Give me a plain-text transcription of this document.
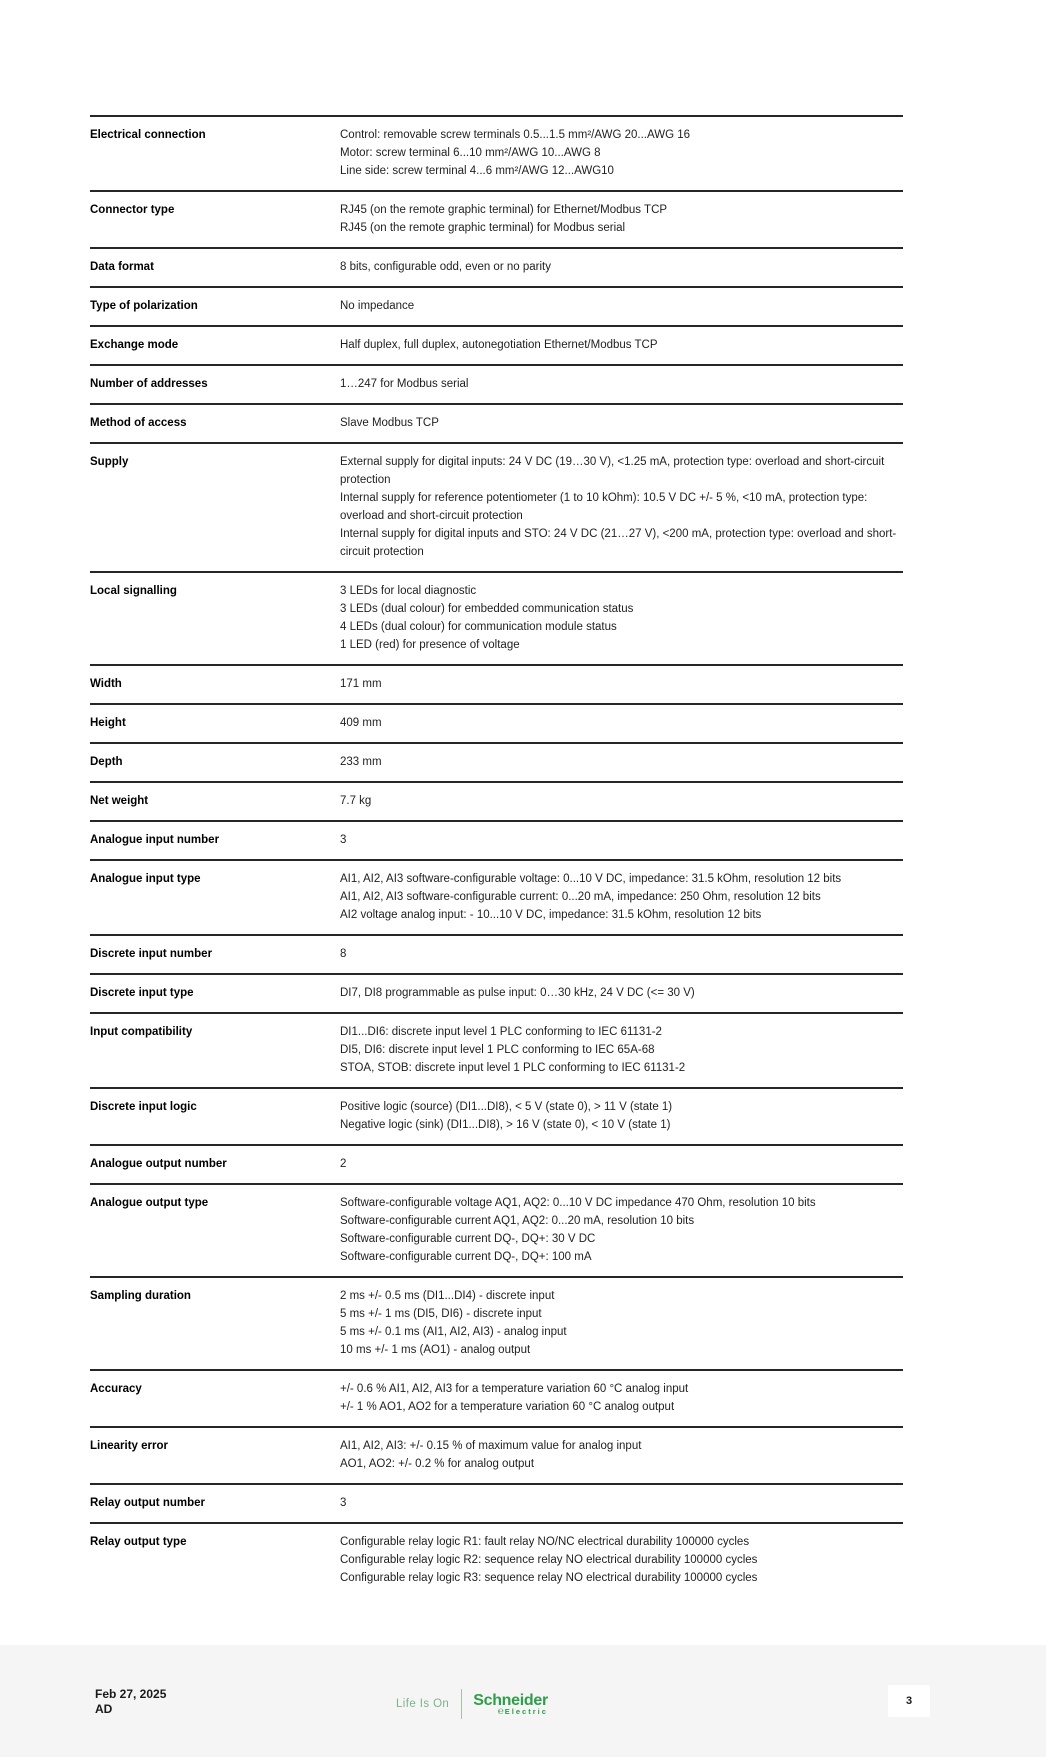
Electrical connection	Control: removable screw terminals 0.5...1.5 mm²/AWG 20...AWG 16
Motor: screw terminal 6...10 mm²/AWG 10...AWG 8
Line side: screw terminal 4...6 mm²/AWG 12...AWG10
Connector type	RJ45 (on the remote graphic terminal) for Ethernet/Modbus TCP
RJ45 (on the remote graphic terminal) for Modbus serial
Data format	8 bits, configurable odd, even or no parity
Type of polarization	No impedance
Exchange mode	Half duplex, full duplex, autonegotiation Ethernet/Modbus TCP
Number of addresses	1…247 for Modbus serial
Method of access	Slave Modbus TCP
Supply	External supply for digital inputs: 24 V DC (19…30 V), <1.25 mA, protection type: overload and short-circuit protection
Internal supply for reference potentiometer (1 to 10 kOhm): 10.5 V DC +/- 5 %, <10 mA, protection type: overload and short-circuit protection
Internal supply for digital inputs and STO: 24 V DC (21…27 V), <200 mA, protection type: overload and short-circuit protection
Local signalling	3 LEDs for local diagnostic
3 LEDs (dual colour) for embedded communication status
4 LEDs (dual colour) for communication module status
1 LED (red) for presence of voltage
Width	171 mm
Height	409 mm
Depth	233 mm
Net weight	7.7 kg
Analogue input number	3
Analogue input type	AI1, AI2, AI3 software-configurable voltage: 0...10 V DC, impedance: 31.5 kOhm, resolution 12 bits
AI1, AI2, AI3 software-configurable current: 0...20 mA, impedance: 250 Ohm, resolution 12 bits
AI2 voltage analog input: - 10...10 V DC, impedance: 31.5 kOhm, resolution 12 bits
Discrete input number	8
Discrete input type	DI7, DI8 programmable as pulse input: 0…30 kHz, 24 V DC (<= 30 V)
Input compatibility	DI1...DI6: discrete input level 1 PLC conforming to IEC 61131-2
DI5, DI6: discrete input level 1 PLC conforming to IEC 65A-68
STOA, STOB: discrete input level 1 PLC conforming to IEC 61131-2
Discrete input logic	Positive logic (source) (DI1...DI8), < 5 V (state 0), > 11 V (state 1)
Negative logic (sink) (DI1...DI8), > 16 V (state 0), < 10 V (state 1)
Analogue output number	2
Analogue output type	Software-configurable voltage AQ1, AQ2: 0...10 V DC impedance 470 Ohm, resolution 10 bits
Software-configurable current AQ1, AQ2: 0...20 mA, resolution 10 bits
Software-configurable current DQ-, DQ+: 30 V DC
Software-configurable current DQ-, DQ+: 100 mA
Sampling duration	2 ms +/- 0.5 ms (DI1...DI4) - discrete input
5 ms +/- 1 ms (DI5, DI6) - discrete input
5 ms +/- 0.1 ms (AI1, AI2, AI3) - analog input
10 ms +/- 1 ms (AO1) - analog output
Accuracy	+/- 0.6 % AI1, AI2, AI3 for a temperature variation 60 °C analog input
+/- 1 % AO1, AO2 for a temperature variation 60 °C analog output
Linearity error	AI1, AI2, AI3: +/- 0.15 % of maximum value for analog input
AO1, AO2: +/- 0.2 % for analog output
Relay output number	3
Relay output type	Configurable relay logic R1: fault relay NO/NC electrical durability 100000 cycles
Configurable relay logic R2: sequence relay NO electrical durability 100000 cycles
Configurable relay logic R3: sequence relay NO electrical durability 100000 cycles
Feb 27, 2025
AD	Life Is On Schneider
℮Electric
3
